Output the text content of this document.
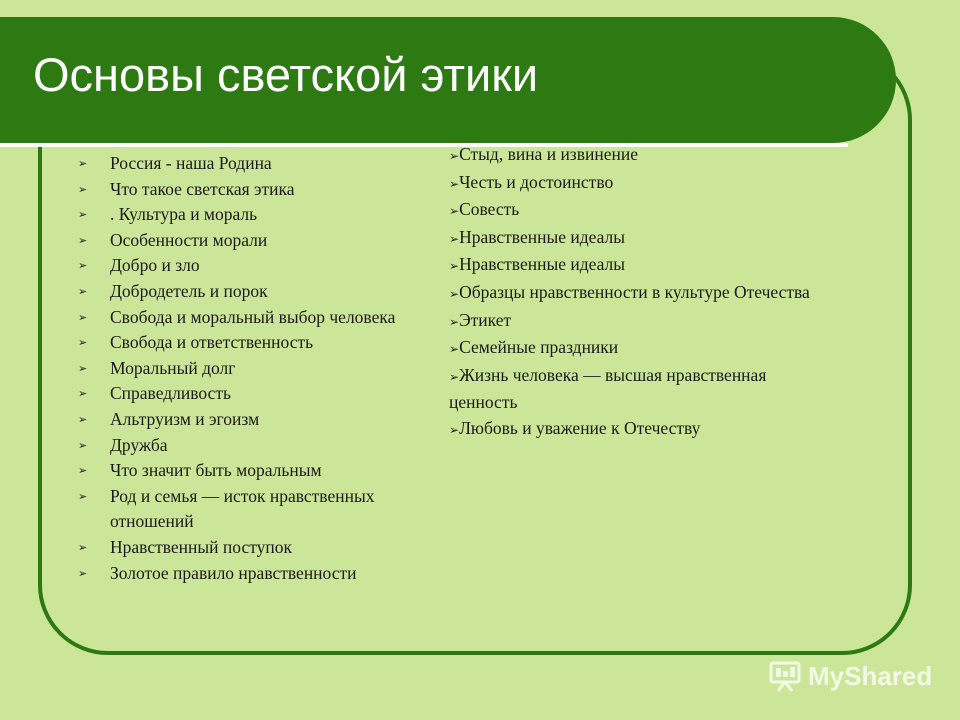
Основы светской этики
➢ Россия - наша Родина
➢ Что такое светская этика
➢ . Культура и мораль
➢ Особенности морали
➢ Добро и зло
➢ Добродетель и порок
➢ Свобода и моральный выбор человека
➢ Свобода и ответственность
➢ Моральный долг
➢ Справедливость
➢ Альтруизм и эгоизм
➢ Дружба
➢ Что значит быть моральным
➢ Род и семья — исток нравственных отношений
➢ Нравственный поступок
➢ Золотое правило нравственности
➢Стыд, вина и извинение
➢Честь и достоинство
➢Совесть
➢Нравственные идеалы
➢Нравственные идеалы
➢Образцы нравственности в культуре Отечества
➢Этикет
➢Семейные праздники
➢Жизнь человека — высшая нравственная ценность
➢Любовь и уважение к Отечеству
MyShared
